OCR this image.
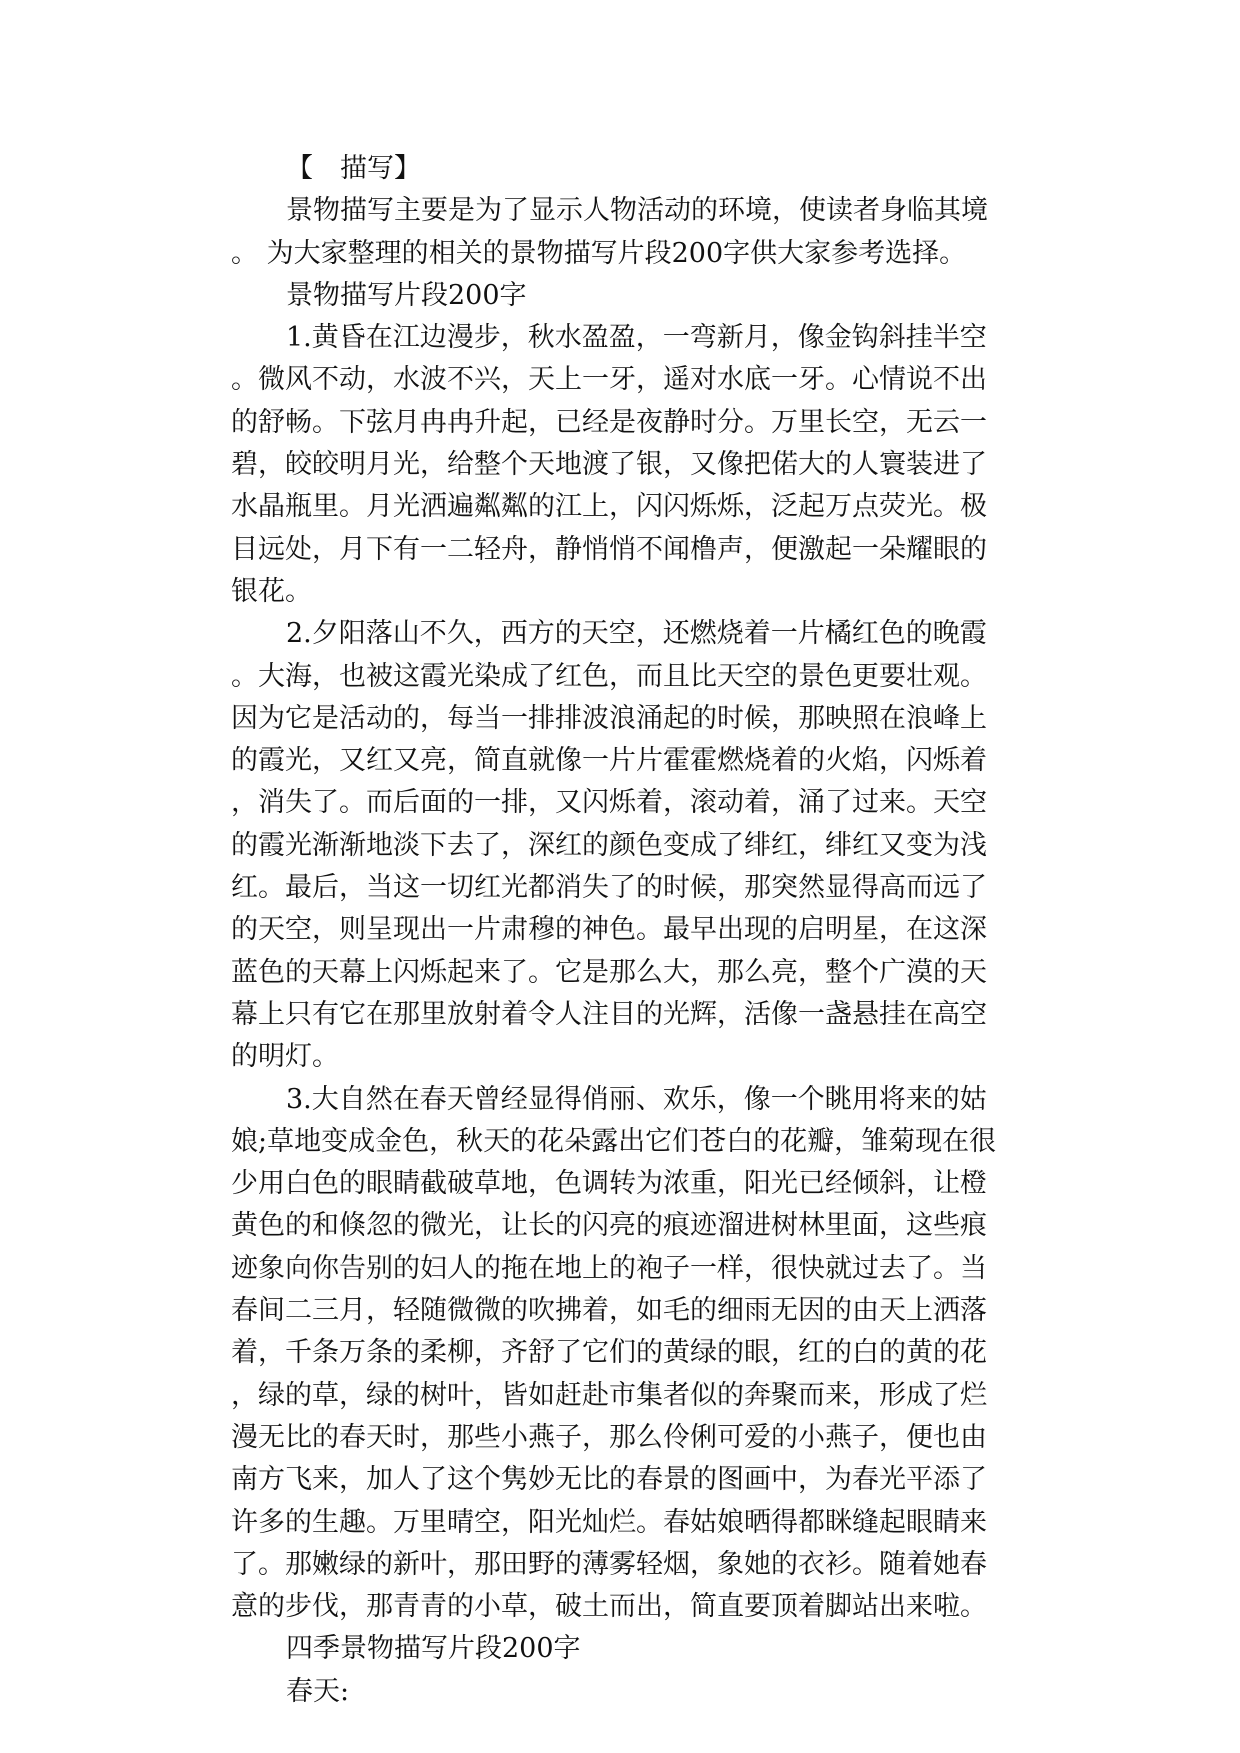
【　描写】
景物描写主要是为了显示人物活动的环境，使读者身临其境
。 为大家整理的相关的景物描写片段200字供大家参考选择。
景物描写片段200字
1.黄昏在江边漫步，秋水盈盈，一弯新月，像金钩斜挂半空
。微风不动，水波不兴，天上一牙，遥对水底一牙。心情说不出
的舒畅。下弦月冉冉升起，已经是夜静时分。万里长空，无云一
碧，皎皎明月光，给整个天地渡了银，又像把偌大的人寰装进了
水晶瓶里。月光洒遍粼粼的江上，闪闪烁烁，泛起万点荧光。极
目远处，月下有一二轻舟，静悄悄不闻橹声，便激起一朵耀眼的
银花。
2.夕阳落山不久，西方的天空，还燃烧着一片橘红色的晚霞
。大海，也被这霞光染成了红色，而且比天空的景色更要壮观。
因为它是活动的，每当一排排波浪涌起的时候，那映照在浪峰上
的霞光，又红又亮，简直就像一片片霍霍燃烧着的火焰，闪烁着
，消失了。而后面的一排，又闪烁着，滚动着，涌了过来。天空
的霞光渐渐地淡下去了，深红的颜色变成了绯红，绯红又变为浅
红。最后，当这一切红光都消失了的时候，那突然显得高而远了
的天空，则呈现出一片肃穆的神色。最早出现的启明星，在这深
蓝色的天幕上闪烁起来了。它是那么大，那么亮，整个广漠的天
幕上只有它在那里放射着令人注目的光辉，活像一盏悬挂在高空
的明灯。
3.大自然在春天曾经显得俏丽、欢乐，像一个眺用将来的姑
娘;草地变成金色，秋天的花朵露出它们苍白的花瓣，雏菊现在很
少用白色的眼睛截破草地，色调转为浓重，阳光已经倾斜，让橙
黄色的和倏忽的微光，让长的闪亮的痕迹溜进树林里面，这些痕
迹象向你告别的妇人的拖在地上的袍子一样，很快就过去了。当
春间二三月，轻随微微的吹拂着，如毛的细雨无因的由天上洒落
着，千条万条的柔柳，齐舒了它们的黄绿的眼，红的白的黄的花
，绿的草，绿的树叶，皆如赶赴市集者似的奔聚而来，形成了烂
漫无比的春天时，那些小燕子，那么伶俐可爱的小燕子，便也由
南方飞来，加人了这个隽妙无比的春景的图画中，为春光平添了
许多的生趣。万里晴空，阳光灿烂。春姑娘晒得都眯缝起眼睛来
了。那嫩绿的新叶，那田野的薄雾轻烟，象她的衣衫。随着她春
意的步伐，那青青的小草，破土而出，简直要顶着脚站出来啦。
四季景物描写片段200字
春天:
